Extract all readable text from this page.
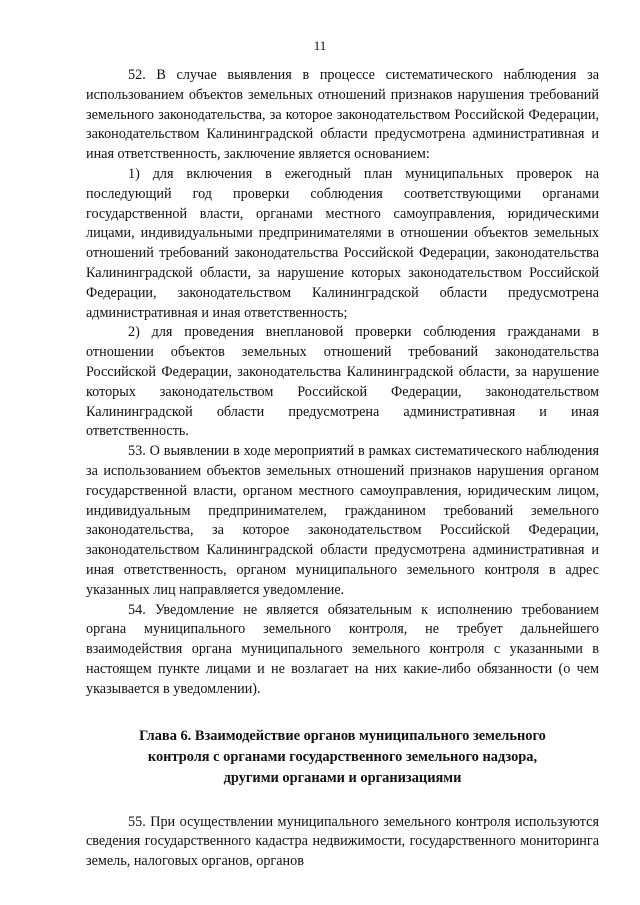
11

52. В случае выявления в процессе систематического наблюдения за использованием объектов земельных отношений признаков нарушения требований земельного законодательства, за которое законодательством Российской Федерации, законодательством Калининградской области предусмотрена административная и иная ответственность, заключение является основанием:

1) для включения в ежегодный план муниципальных проверок на последующий год проверки соблюдения соответствующими органами государственной власти, органами местного самоуправления, юридическими лицами, индивидуальными предпринимателями в отношении объектов земельных отношений требований законодательства Российской Федерации, законодательства Калининградской области, за нарушение которых законодательством Российской Федерации, законодательством Калининградской области предусмотрена административная и иная ответственность;

2) для проведения внеплановой проверки соблюдения гражданами в отношении объектов земельных отношений требований законодательства Российской Федерации, законодательства Калининградской области, за нарушение которых законодательством Российской Федерации, законодательством Калининградской области предусмотрена административная и иная ответственность.

53. О выявлении в ходе мероприятий в рамках систематического наблюдения за использованием объектов земельных отношений признаков нарушения органом государственной власти, органом местного самоуправления, юридическим лицом, индивидуальным предпринимателем, гражданином требований земельного законодательства, за которое законодательством Российской Федерации, законодательством Калининградской области предусмотрена административная и иная ответственность, органом муниципального земельного контроля в адрес указанных лиц направляется уведомление.

54. Уведомление не является обязательным к исполнению требованием органа муниципального земельного контроля, не требует дальнейшего взаимодействия органа муниципального земельного контроля с указанными в настоящем пункте лицами и не возлагает на них какие-либо обязанности (о чем указывается в уведомлении).

Глава 6. Взаимодействие органов муниципального земельного
контроля с органами государственного земельного надзора,
другими органами и организациями

55. При осуществлении муниципального земельного контроля используются сведения государственного кадастра недвижимости, государственного мониторинга земель, налоговых органов, органов
